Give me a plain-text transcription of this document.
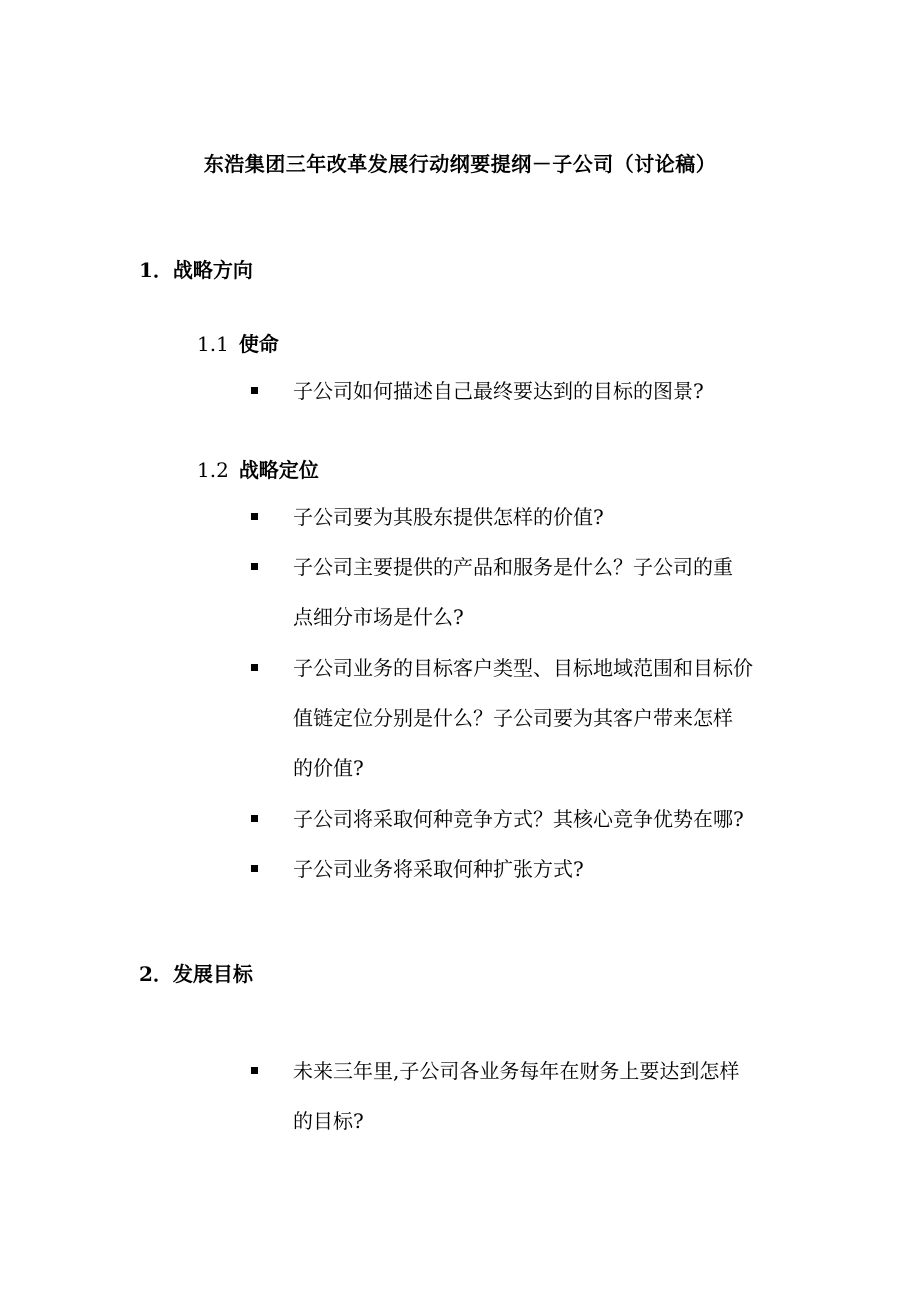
东浩集团三年改革发展行动纲要提纲－子公司（讨论稿）
1．战略方向
1.1 使命
子公司如何描述自己最终要达到的目标的图景?
1.2 战略定位
子公司要为其股东提供怎样的价值?
子公司主要提供的产品和服务是什么？子公司的重
点细分市场是什么?
子公司业务的目标客户类型、目标地域范围和目标价
值链定位分别是什么？子公司要为其客户带来怎样
的价值?
子公司将采取何种竞争方式？其核心竞争优势在哪?
子公司业务将采取何种扩张方式?
2．发展目标
未来三年里,子公司各业务每年在财务上要达到怎样
的目标?
